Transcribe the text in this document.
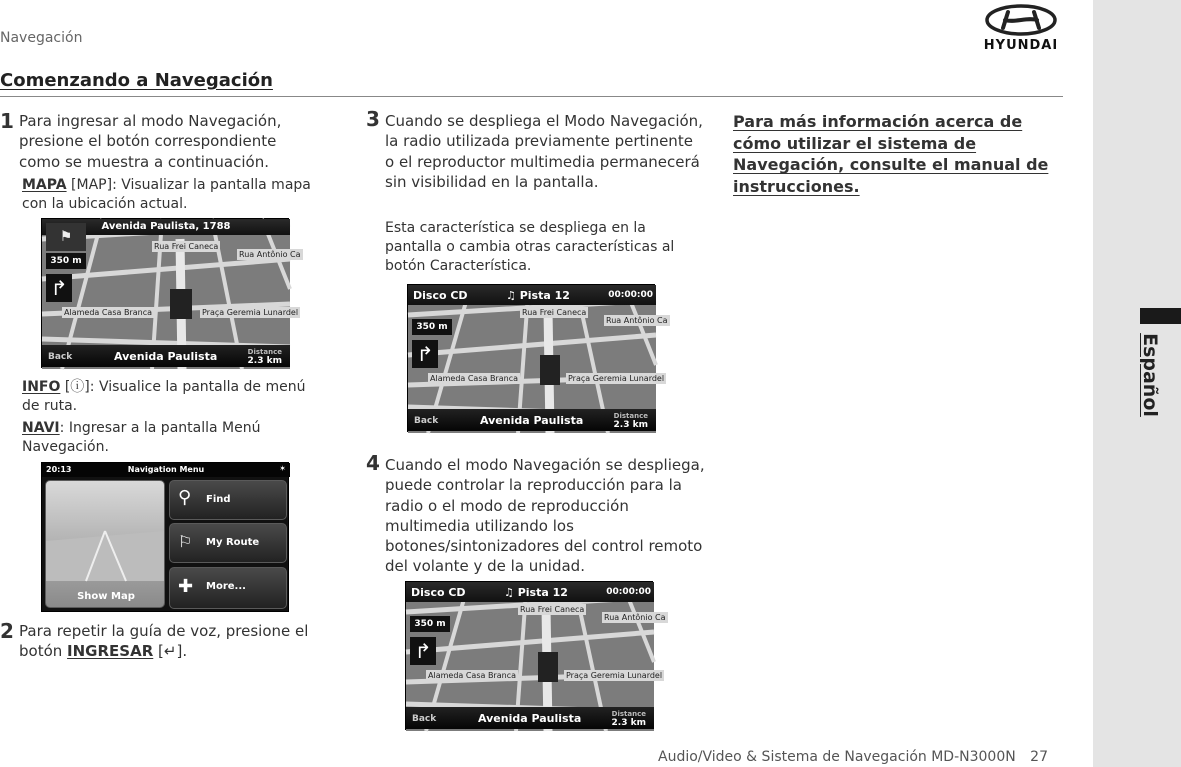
Español
Navegación	HYUNDAI
Comenzando a Navegación
1 Para ingresar al modo Navegación, presione el botón correspondiente como se muestra a continuación.
MAPA [MAP]: Visualizar la pantalla mapa con la ubicación actual.
Avenida Paulista, 1788
⚑
350 m
↱
Rua Frei Caneca
Rua Antônio Ca
Alameda Casa Branca	Praça Geremia Lunardel
Back	Avenida Paulista	Distance
2.3 km
INFO [ⓘ]: Visualice la pantalla de menú de ruta.
NAVI: Ingresar a la pantalla Menú Navegación.
20:13	Navigation Menu	✶
Show Map
⚲ Find
⚐ My Route
✚ More...
2 Para repetir la guía de voz, presione el botón INGRESAR [↵].
3 Cuando se despliega el Modo Navegación, la radio utilizada previamente pertinente o el reproductor multimedia permanecerá sin visibilidad en la pantalla.
Esta característica se despliega en la pantalla o cambia otras características al botón Característica.
Disco CD	♫ Pista 12	00:00:00
350 m
↱
Rua Frei Caneca
Rua Antônio Ca
Alameda Casa Branca	Praça Geremia Lunardel
Back	Avenida Paulista	Distance
2.3 km
4 Cuando el modo Navegación se despliega, puede controlar la reproducción para la radio o el modo de reproducción multimedia utilizando los botones/sintonizadores del control remoto del volante y de la unidad.
Disco CD	♫ Pista 12	00:00:00
350 m
↱
Rua Frei Caneca
Rua Antônio Ca
Alameda Casa Branca	Praça Geremia Lunardel
Back	Avenida Paulista	Distance
2.3 km
Para más información acerca de cómo utilizar el sistema de Navegación, consulte el manual de instrucciones.
Audio/Video & Sistema de Navegación MD-N3000N 27
